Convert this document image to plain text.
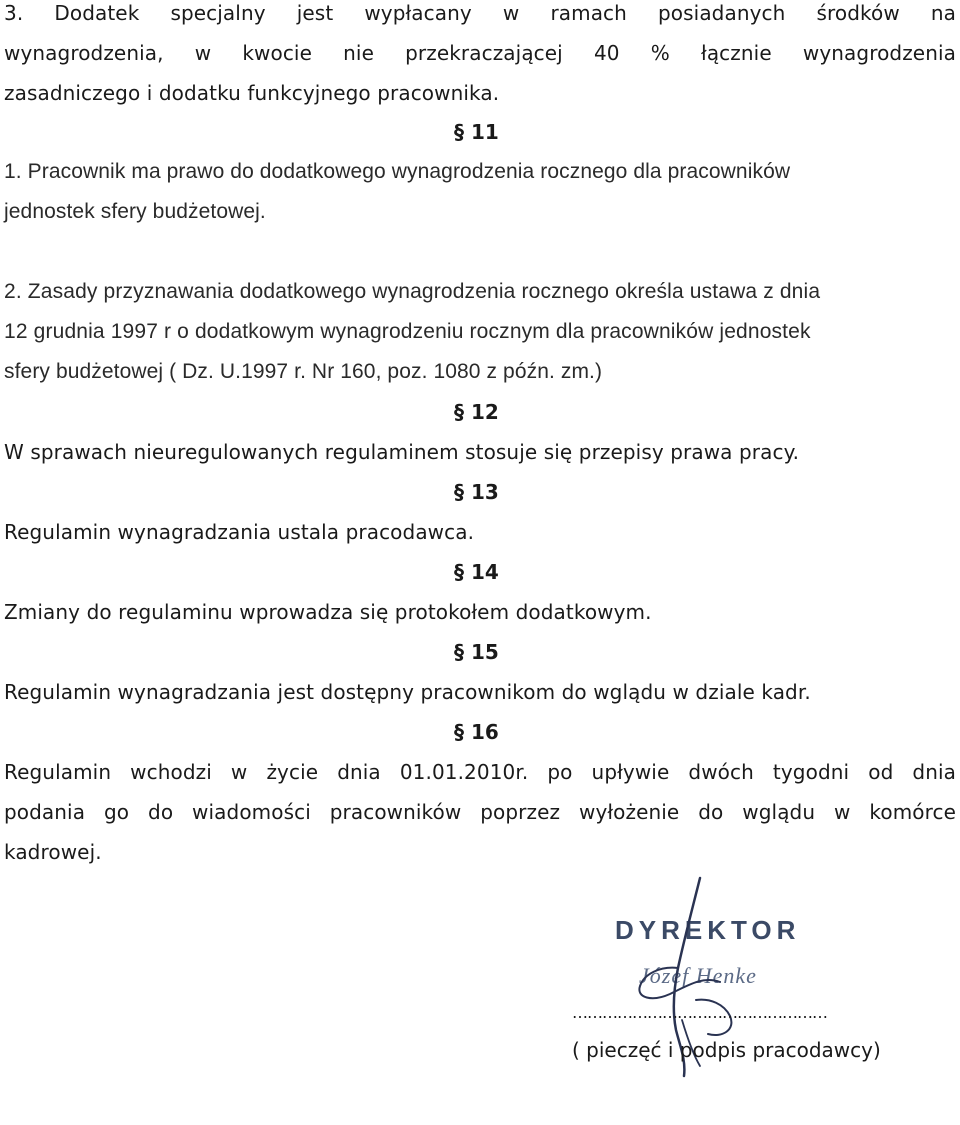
3. Dodatek specjalny jest wypłacany w ramach posiadanych środków na
wynagrodzenia, w kwocie nie przekraczającej 40 % łącznie wynagrodzenia
zasadniczego i dodatku funkcyjnego pracownika.
§ 11
1. Pracownik ma prawo do dodatkowego wynagrodzenia rocznego dla pracowników
jednostek sfery budżetowej.
2. Zasady przyznawania dodatkowego wynagrodzenia rocznego określa ustawa z dnia
12 grudnia 1997 r o dodatkowym wynagrodzeniu rocznym dla pracowników jednostek
sfery budżetowej ( Dz. U.1997 r. Nr 160, poz. 1080 z późn. zm.)
§ 12
W sprawach nieuregulowanych regulaminem stosuje się przepisy prawa pracy.
§ 13
Regulamin wynagradzania ustala pracodawca.
§ 14
Zmiany do regulaminu wprowadza się protokołem dodatkowym.
§ 15
Regulamin wynagradzania jest dostępny pracownikom do wglądu w dziale kadr.
§ 16
Regulamin wchodzi w życie dnia 01.01.2010r. po upływie dwóch tygodni od dnia
podania go do wiadomości pracowników poprzez wyłożenie do wglądu w komórce
kadrowej.
DYREKTOR
Józef Henke
……………………………………………
( pieczęć i podpis pracodawcy)
